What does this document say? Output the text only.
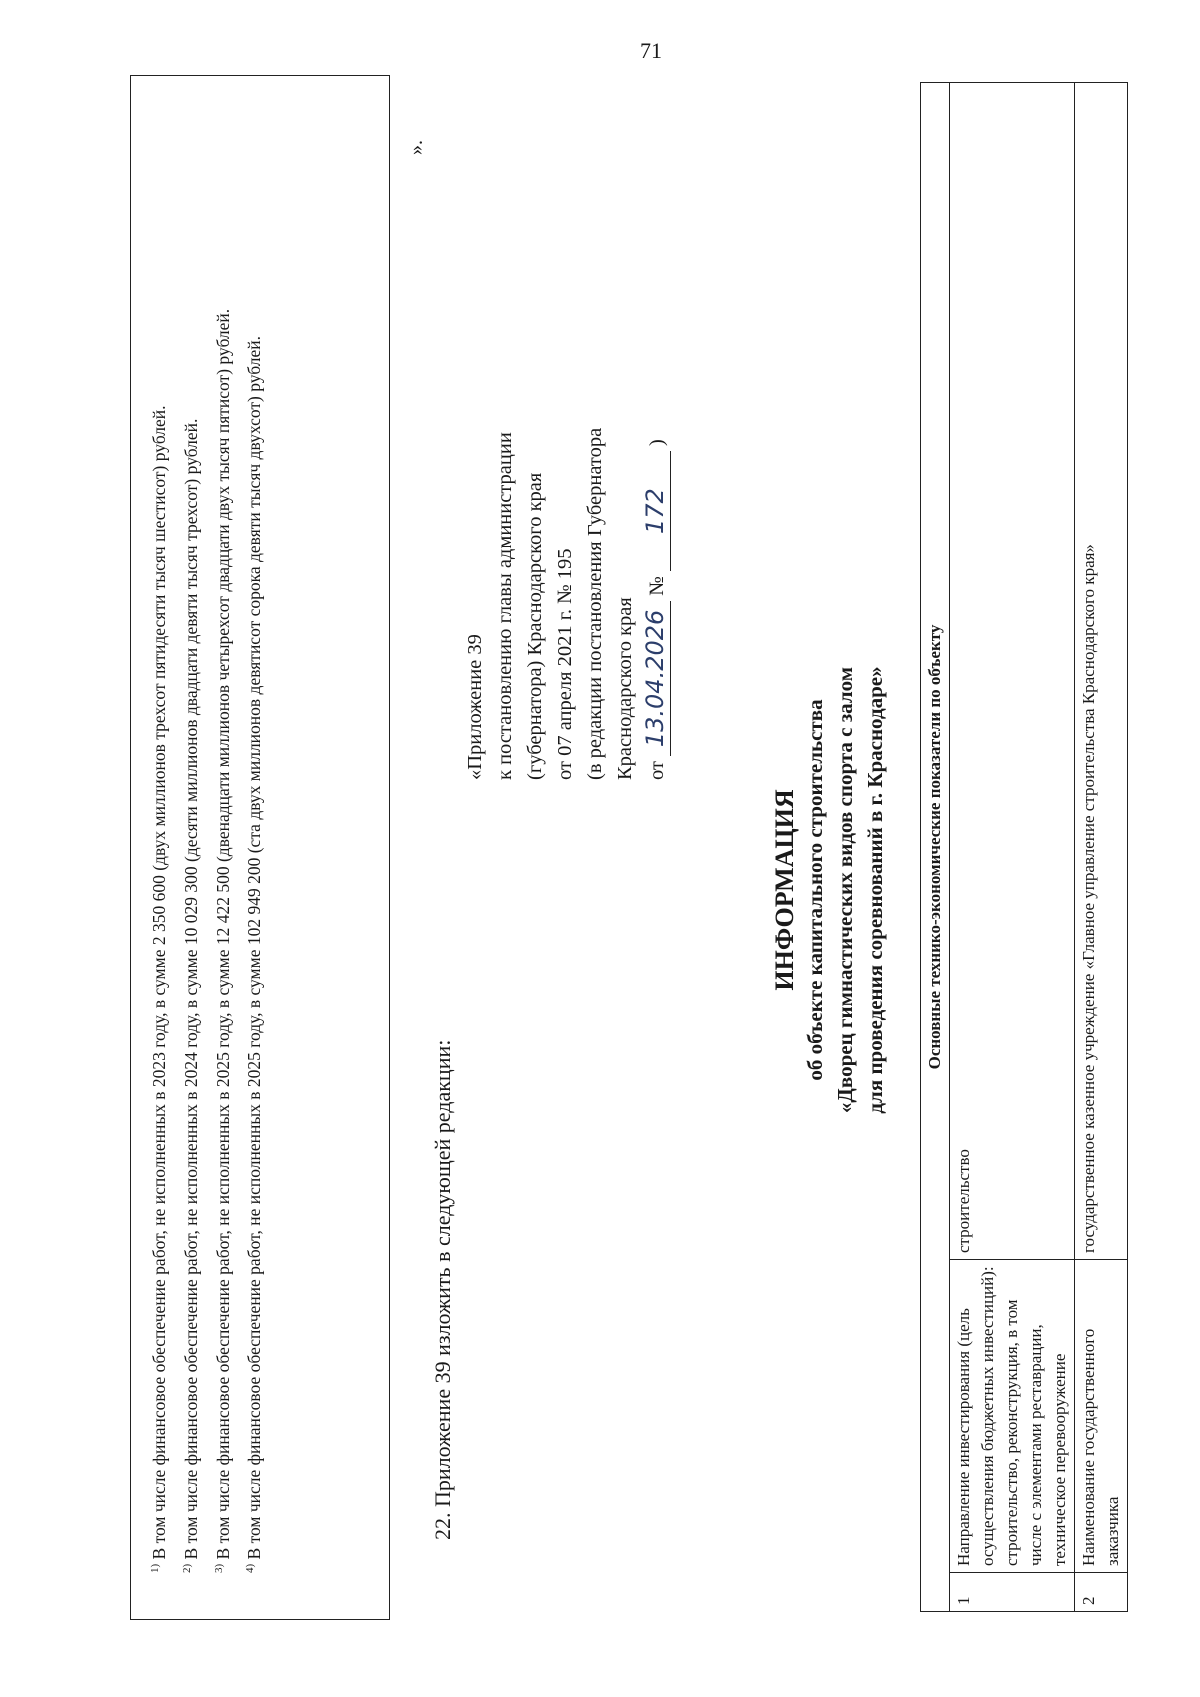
71

$^{1)}$ В том числе финансовое обеспечение работ, не исполненных в 2023 году, в сумме 2 350 600 (двух миллионов трехсот пятидесяти тысяч шестисот) рублей.

$^{2)}$ В том числе финансовое обеспечение работ, не исполненных в 2024 году, в сумме 10 029 300 (десяти миллионов двадцати девяти тысяч трехсот) рублей.

$^{3)}$ В том числе финансовое обеспечение работ, не исполненных в 2025 году, в сумме 12 422 500 (двенадцати миллионов четырехсот двадцати двух тысяч пятисот) рублей.

$^{4)}$ В том числе финансовое обеспечение работ, не исполненных в 2025 году, в сумме 102 949 200 (ста двух миллионов девятисот сорока девяти тысяч двухсот) рублей.

».
22. Приложение 39 изложить в следующей редакции:
«Приложение 39 к постановлению главы администрации (губернатора) Краснодарского края от 07 апреля 2021 г. № 195 (в редакции постановления Губернатора Краснодарского края от 13.04.2026 № 172 )
ИНФОРМАЦИЯ об объекте капитального строительства «Дворец гимнастических видов спорта с залом для проведения соревнований в г. Краснодаре» Основные технико-экономические показатели по объекту		
1	Направление инвестирования (цель осуществления бюджетных инвестиций): строительство, реконструкция, в том числе с элементами реставрации, техническое перевооружение	строительство
2	Наименование государственного заказчика	государственное казенное учреждение «Главное управление строительства Краснодарского края»
